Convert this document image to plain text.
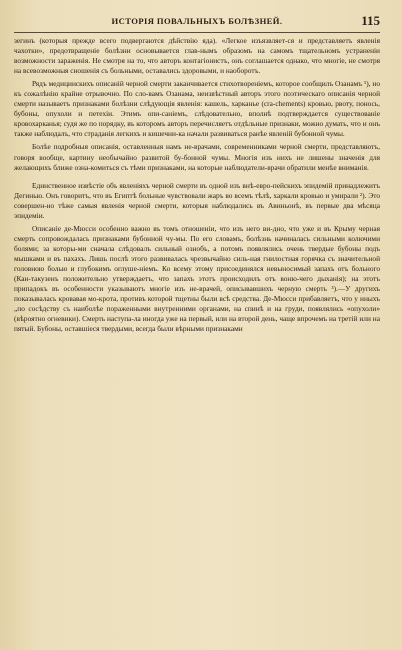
ИСТОРІЯ ПОВАЛЬНЫХЪ БОЛѢЗНЕЙ.	115

зегинъ (которыя прежде всего подвергаются дѣйствію яда). «Легкое изъязвляет-ся и представляетъ явленія чахотки», предотвращеніе болѣзни основывается глав-нымъ образомъ на самомъ тщательномъ устраненіи возможности зараженія. Не смотря на то, что авторъ контагіонистъ, онъ соглашается однако, что многіе, не смотря на всевозможныя сношенія съ больными, оставались здоровыми, и наоборотъ.

Рядъ медицинскихъ описаній черной смерти заканчивается стихотвореніемъ, которое сообщилъ Озанамъ ¹), но къ сожалѣнію крайне отрывочно. По сло-вамъ Озанама, неизвѣстный авторъ этого поэтическаго описанія черной смерти называетъ признаками болѣзни слѣдующія явленія: кашель, харканье (cra-chements) кровью, рвоту, понось, бубоны, опухоли и петехіи. Этимъ опи-саніемъ, слѣдовательно, вполнѣ подтверждается существованіе кровохарканья; судя же по порядку, въ которомъ авторъ перечисляетъ отдѣльные признаки, можно думать, что и онъ также наблюдалъ, что страданія легкихъ и кишечни-ка начали развиваться ранѣе явленій бубонной чумы.

Болѣе подробныя описанія, оставленныя намъ не-врачами, современниками черной смерти, представляютъ, говоря вообще, картину необычайно развитой бу-бонной чумы. Многія изъ нихъ не лишены значенія для желающихъ ближе озна-комиться съ тѣми признаками, на которые наблюдатели-врачи обратили менѣе вниманія.

Единственное извѣстіе объ явленіяхъ черной смерти въ одной изъ внѣ-евро-пейскихъ эпидемій принадлежитъ Дегинью. Онъ говоритъ, что въ Египтѣ больные чувствовали жаръ во всемъ тѣлѣ, харкали кровью и умирали ²). Это совершен-но тѣже самыя явленія черной смерти, которыя наблюдались въ Авиньонѣ, въ первые два мѣсяца эпидеміи.

Описаніе де-Мюсси особенно важно въ томъ отношеніи, что изъ него ви-дно, что уже и въ Крыму черная смерть сопровождалась признаками бубонной чу-мы. По его словамъ, болѣзнь начиналась сильными колючими болями; за которы-ми сначала слѣдовалъ сильный ознобъ, а потомъ появлялись очень твердые бубоны подъ мышками и въ пахахъ. Лишь послѣ этого развивалась чрезвычайно силь-ная гнилостная горячка съ значительной головною болью и глубокимъ оглуше-ніемъ. Ко всему этому присоединялся невыносимый запахъ отъ больного (Кан-такузенъ положительно утверждаетъ, что запахъ этотъ происходилъ отъ воню-чего дыханія); на этотъ припадокъ въ особенности указываютъ многіе изъ не-врачей, описывавшихъ черную смерть ³).—У другихъ показывалась кровавая мо-крота, противъ которой тщетны были всѣ средства. Де-Мюсси прибавляетъ, что у иныхъ „по сосѣдству съ наиболѣе пораженными внутренними органами, на спинѣ и на груди, появлялись «опухоли» (вѣроятно огневики). Смерть наступа-ла иногда уже на первый, или на второй день, чаще впрочемъ на третій или на пятый. Бубоны, оставшіеся твердыми, всегда были вѣрными признаками
